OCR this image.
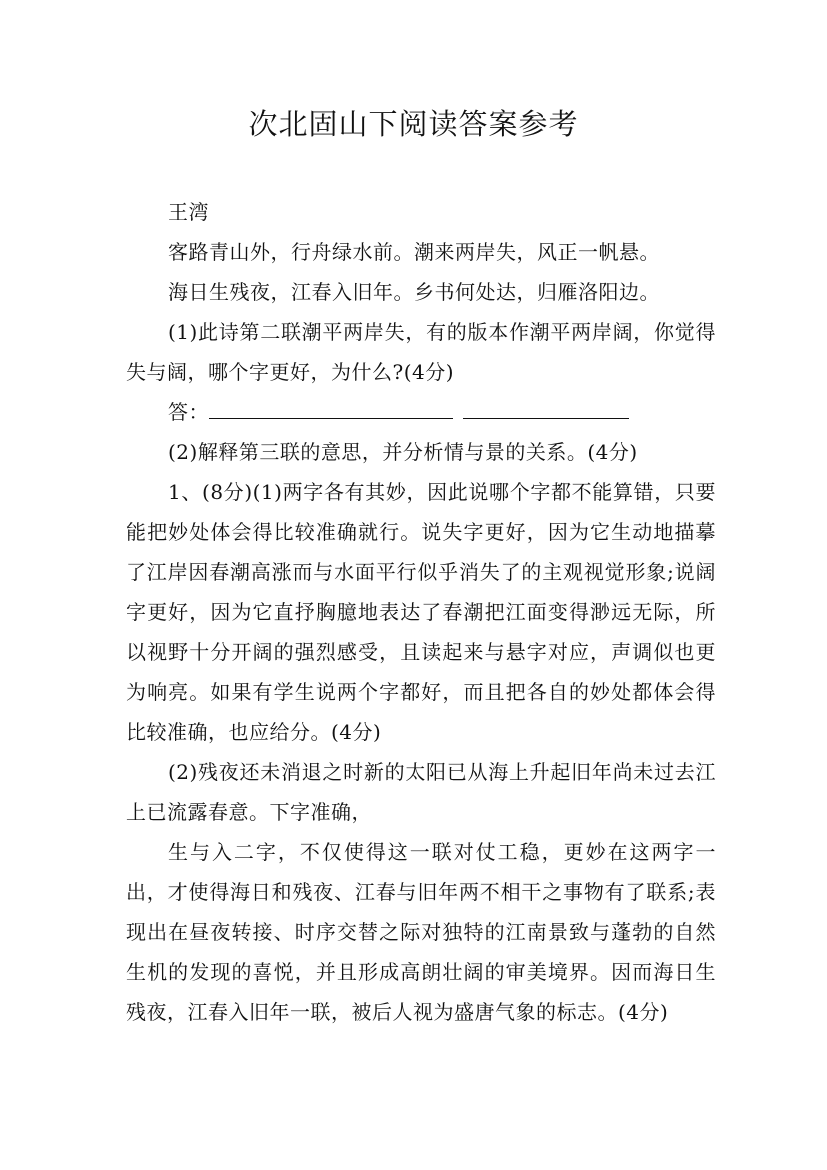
次北固山下阅读答案参考

王湾

客路青山外，行舟绿水前。潮来两岸失，风正一帆悬。

海日生残夜，江春入旧年。乡书何处达，归雁洛阳边。

(1)此诗第二联潮平两岸失，有的版本作潮平两岸阔，你觉得失与阔，哪个字更好，为什么?(4分)

答：

(2)解释第三联的意思，并分析情与景的关系。(4分)

1、(8分)(1)两字各有其妙，因此说哪个字都不能算错，只要能把妙处体会得比较准确就行。说失字更好，因为它生动地描摹了江岸因春潮高涨而与水面平行似乎消失了的主观视觉形象;说阔字更好，因为它直抒胸臆地表达了春潮把江面变得渺远无际，所以视野十分开阔的强烈感受，且读起来与悬字对应，声调似也更为响亮。如果有学生说两个字都好，而且把各自的妙处都体会得比较准确，也应给分。(4分)

(2)残夜还未消退之时新的太阳已从海上升起旧年尚未过去江上已流露春意。下字准确，

生与入二字，不仅使得这一联对仗工稳，更妙在这两字一出，才使得海日和残夜、江春与旧年两不相干之事物有了联系;表现出在昼夜转接、时序交替之际对独特的江南景致与蓬勃的自然生机的发现的喜悦，并且形成高朗壮阔的审美境界。因而海日生残夜，江春入旧年一联，被后人视为盛唐气象的标志。(4分)
